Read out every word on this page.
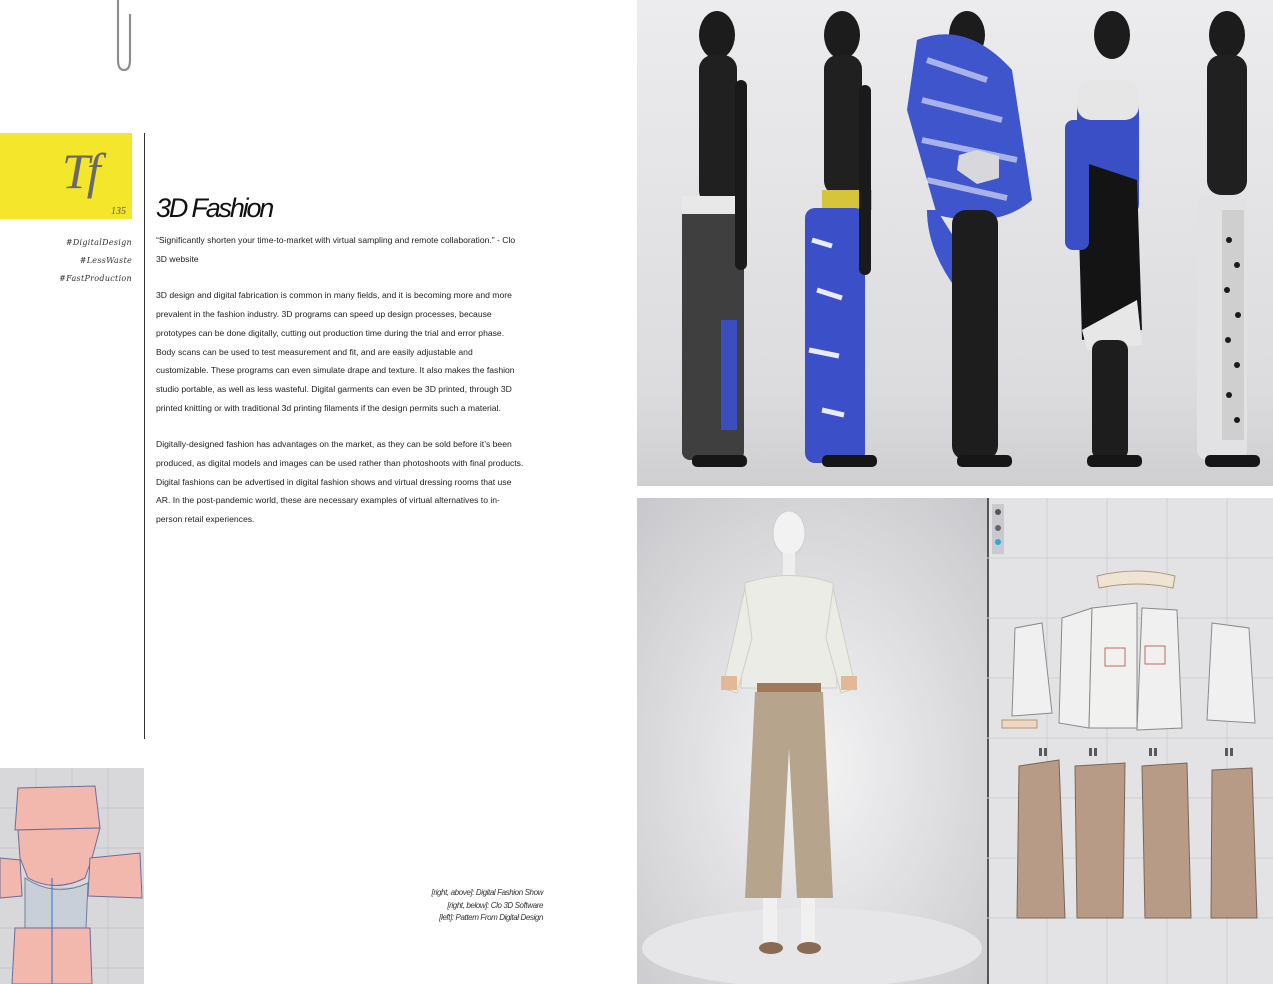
Tf
135
#DigitalDesign
#LessWaste
#FastProduction
3D Fashion

“Significantly shorten your time-to-market with virtual sampling and remote collaboration.” - Clo 3D website

3D design and digital fabrication is common in many fields, and it is becoming more and more prevalent in the fashion industry. 3D programs can speed up design processes, because prototypes can be done digitally, cutting out production time during the trial and error phase. Body scans can be used to test measurement and fit, and are easily adjustable and customizable. These programs can even simulate drape and texture. It also makes the fashion studio portable, as well as less wasteful. Digital garments can even be 3D printed, through 3D printed knitting or with traditional 3d printing filaments if the design permits such a material.

Digitally-designed fashion has advantages on the market, as they can be sold before it’s been produced, as digital models and images can be used rather than photoshoots with final products. Digital fashions can be advertised in digital fashion shows and virtual dressing rooms that use AR. In the post-pandemic world, these are necessary examples of virtual alternatives to in-person retail experiences.

[right, above]: Digital Fashion Show
[right, below]: Clo 3D Software
[left]: Pattern From Digital Design
